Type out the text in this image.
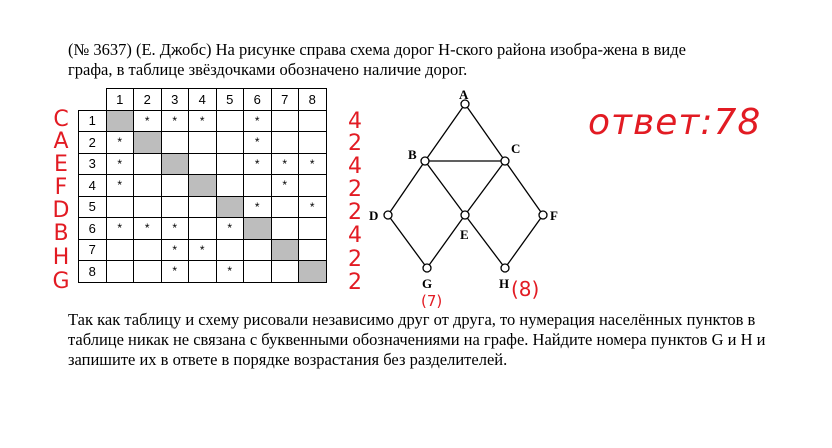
(№ 3637) (Е. Джобс) На рисунке справа схема дорог Н-ского района изобра-жена в виде графа, в таблице звёздочками обозначено наличие дорог.
	1	2	3	4	5	6	7	8
1		*	*	*		*		
2	*					*		
3	*					*	*	*
4	*						*	
5						*		*
6	*	*	*		*			
7			*	*				
8			*		*			
C
A
E
F
D
B
H
G
4
2
4
2
2
4
2
2
ответ:78
A
B	C
D
E
F
G	H
(7)	(8)
Так как таблицу и схему рисовали независимо друг от друга, то нумерация населённых пунктов в таблице никак не связана с буквенными обозначениями на графе. Найдите номера пунктов G и H и запишите их в ответе в порядке возрастания без разделителей.
